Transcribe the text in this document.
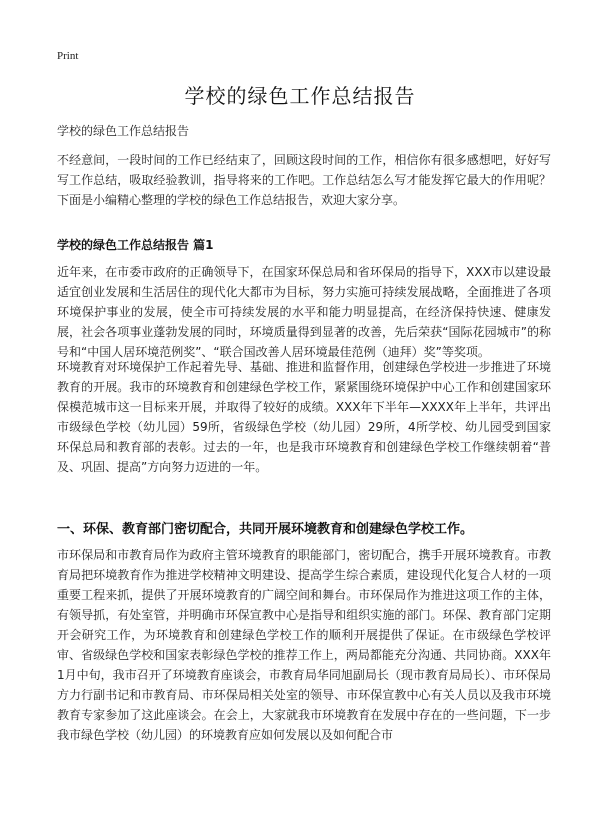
Print
学校的绿色工作总结报告
学校的绿色工作总结报告

不经意间，一段时间的工作已经结束了，回顾这段时间的工作，相信你有很多感想吧，好好写写工作总结，吸取经验教训，指导将来的工作吧。工作总结怎么写才能发挥它最大的作用呢？下面是小编精心整理的学校的绿色工作总结报告，欢迎大家分享。

学校的绿色工作总结报告 篇1

近年来，在市委市政府的正确领导下，在国家环保总局和省环保局的指导下，XXX市以建设最适宜创业发展和生活居住的现代化大都市为目标，努力实施可持续发展战略，全面推进了各项环境保护事业的发展，使全市可持续发展的水平和能力明显提高，在经济保持快速、健康发展，社会各项事业蓬勃发展的同时，环境质量得到显著的改善，先后荣获“国际花园城市”的称号和“中国人居环境范例奖”、“联合国改善人居环境最佳范例（迪拜）奖”等奖项。

环境教育对环境保护工作起着先导、基础、推进和监督作用，创建绿色学校进一步推进了环境教育的开展。我市的环境教育和创建绿色学校工作，紧紧围绕环境保护中心工作和创建国家环保模范城市这一目标来开展，并取得了较好的成绩。XXX年下半年—XXXX年上半年，共评出市级绿色学校（幼儿园）59所，省级绿色学校（幼儿园）29所，4所学校、幼儿园受到国家环保总局和教育部的表彰。过去的一年，也是我市环境教育和创建绿色学校工作继续朝着“普及、巩固、提高”方向努力迈进的一年。

一、环保、教育部门密切配合，共同开展环境教育和创建绿色学校工作。

市环保局和市教育局作为政府主管环境教育的职能部门，密切配合，携手开展环境教育。市教育局把环境教育作为推进学校精神文明建设、提高学生综合素质，建设现代化复合人材的一项重要工程来抓，提供了开展环境教育的广阔空间和舞台。市环保局作为推进这项工作的主体，有领导抓，有处室管，并明确市环保宣教中心是指导和组织实施的部门。环保、教育部门定期开会研究工作，为环境教育和创建绿色学校工作的顺利开展提供了保证。在市级绿色学校评审、省级绿色学校和国家表彰绿色学校的推荐工作上，两局都能充分沟通、共同协商。XXX年1月中旬，我市召开了环境教育座谈会，市教育局华同旭副局长（现市教育局局长）、市环保局方力行副书记和市教育局、市环保局相关处室的领导、市环保宣教中心有关人员以及我市环境教育专家参加了这此座谈会。在会上，大家就我市环境教育在发展中存在的一些问题，下一步我市绿色学校（幼儿园）的环境教育应如何发展以及如何配合市
